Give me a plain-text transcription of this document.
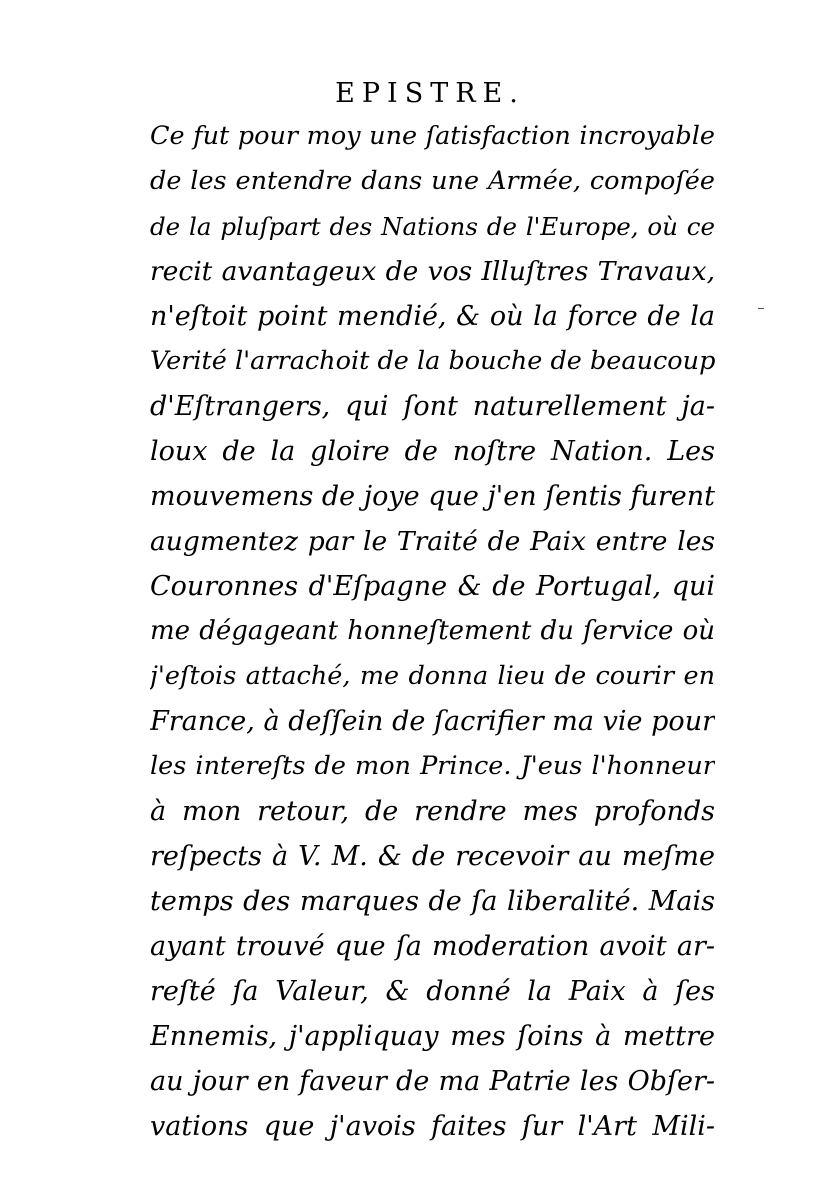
EPISTRE.
Ce fut pour moy une ſatisfaction incroyable
de les entendre dans une Armée, compoſée
de la pluſpart des Nations de l'Europe, où ce
recit avantageux de vos Illuſtres Travaux,
n'eſtoit point mendié, & où la force de la
Verité l'arrachoit de la bouche de beaucoup
d'Eſtrangers, qui ſont naturellement ja-
loux de la gloire de noſtre Nation. Les
mouvemens de joye que j'en ſentis furent
augmentez par le Traité de Paix entre les
Couronnes d'Eſpagne & de Portugal, qui
me dégageant honneſtement du ſervice où
j'eſtois attaché, me donna lieu de courir en
France, à deſſein de ſacrifier ma vie pour
les intereſts de mon Prince. J'eus l'honneur
à mon retour, de rendre mes profonds
reſpects à V. M. & de recevoir au meſme
temps des marques de ſa liberalité. Mais
ayant trouvé que ſa moderation avoit ar-
reſté ſa Valeur, & donné la Paix à ſes
Ennemis, j'appliquay mes ſoins à mettre
au jour en faveur de ma Patrie les Obſer-
vations que j'avois faites ſur l'Art Mili-
